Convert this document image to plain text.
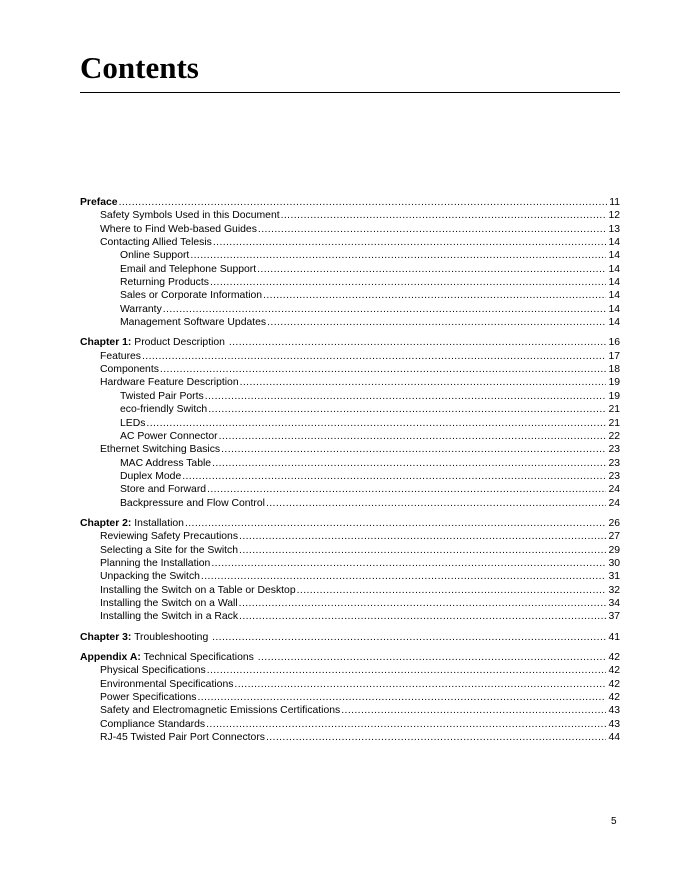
Contents
Preface .....	11
Safety Symbols Used in this Document .....	12
Where to Find Web-based Guides .....	13
Contacting Allied Telesis .....	14
Online Support .....	14
Email and Telephone Support .....	14
Returning Products .....	14
Sales or Corporate Information .....	14
Warranty .....	14
Management Software Updates .....	14
Chapter 1: Product Description .....	16
Features .....	17
Components .....	18
Hardware Feature Description .....	19
Twisted Pair Ports .....	19
eco-friendly Switch .....	21
LEDs .....	21
AC Power Connector .....	22
Ethernet Switching Basics .....	23
MAC Address Table .....	23
Duplex Mode .....	23
Store and Forward .....	24
Backpressure and Flow Control .....	24
Chapter 2: Installation .....	26
Reviewing Safety Precautions .....	27
Selecting a Site for the Switch .....	29
Planning the Installation .....	30
Unpacking the Switch .....	31
Installing the Switch on a Table or Desktop .....	32
Installing the Switch on a Wall .....	34
Installing the Switch in a Rack .....	37
Chapter 3: Troubleshooting .....	41
Appendix A: Technical Specifications .....	42
Physical Specifications .....	42
Environmental Specifications .....	42
Power Specifications .....	42
Safety and Electromagnetic Emissions Certifications .....	43
Compliance Standards .....	43
RJ-45 Twisted Pair Port Connectors .....	44
5
